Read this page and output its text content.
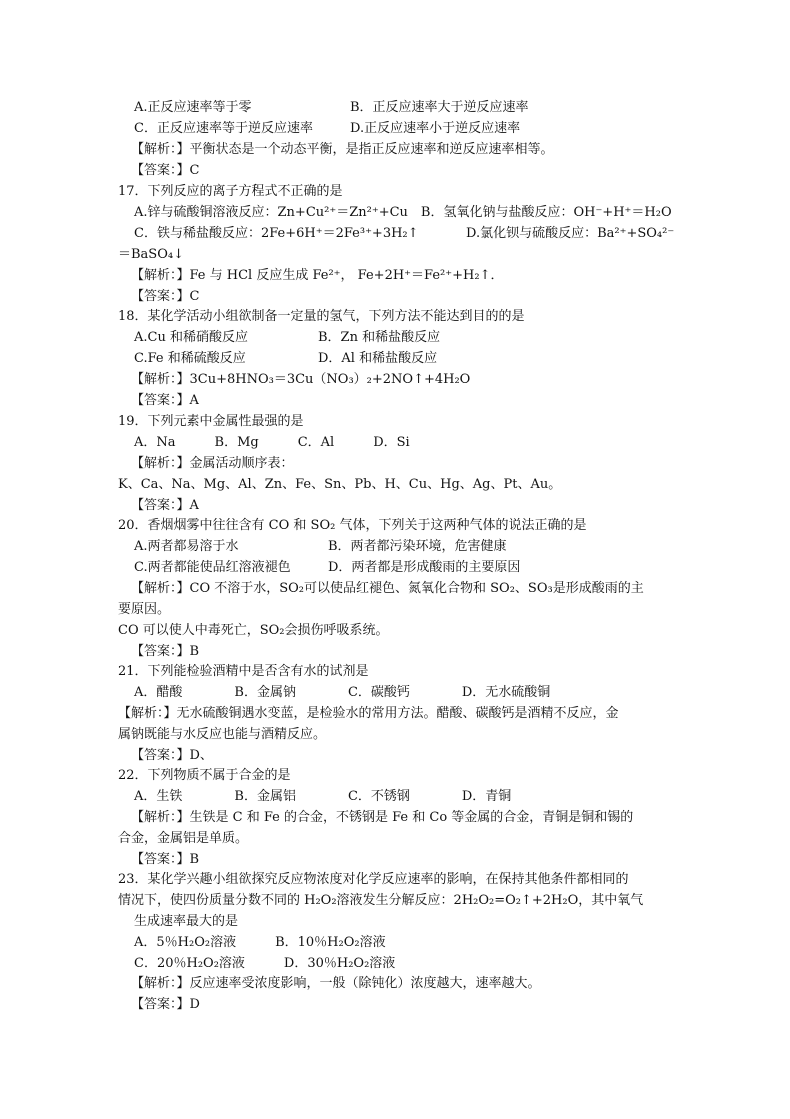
A.正反应速率等于零	B．正反应速率大于逆反应速率
C．正反应速率等于逆反应速率	D.正反应速率小于逆反应速率
【解析：】平衡状态是一个动态平衡，是指正反应速率和逆反应速率相等。
【答案：】C
17．下列反应的离子方程式不正确的是
A.锌与硫酸铜溶液反应：Zn+Cu²⁺＝Zn²⁺+Cu　B．氢氧化钠与盐酸反应：OH⁻+H⁺＝H₂O
C．铁与稀盐酸反应：2Fe+6H⁺＝2Fe³⁺+3H₂↑	D.氯化钡与硫酸反应：Ba²⁺+SO₄²⁻
＝BaSO₄↓
【解析：】Fe 与 HCl 反应生成 Fe²⁺， Fe+2H⁺＝Fe²⁺+H₂↑．
【答案：】C
18．某化学活动小组欲制备一定量的氢气，下列方法不能达到目的的是
A.Cu 和稀硝酸反应	B．Zn 和稀盐酸反应
C.Fe 和稀硫酸反应	D．Al 和稀盐酸反应
【解析：】3Cu+8HNO₃＝3Cu（NO₃）₂+2NO↑+4H₂O
【答案：】A
19．下列元素中金属性最强的是
A．Na　　　B．Mg　　　C．Al　　　D．Si
【解析：】金属活动顺序表：
K、Ca、Na、Mg、Al、Zn、Fe、Sn、Pb、H、Cu、Hg、Ag、Pt、Au。
【答案：】A
20．香烟烟雾中往往含有 CO 和 SO₂ 气体，下列关于这两种气体的说法正确的是
A.两者都易溶于水	B．两者都污染环境，危害健康
C.两者都能使品红溶液褪色	D．两者都是形成酸雨的主要原因
【解析：】CO 不溶于水，SO₂可以使品红褪色、氮氧化合物和 SO₂、SO₃是形成酸雨的主
要原因。
CO 可以使人中毒死亡，SO₂会损伤呼吸系统。
【答案：】B
21．下列能检验酒精中是否含有水的试剂是
A．醋酸　　　　B．金属钠　　　　C．碳酸钙　　　　D．无水硫酸铜
【解析：】无水硫酸铜遇水变蓝，是检验水的常用方法。醋酸、碳酸钙是酒精不反应，金
属钠既能与水反应也能与酒精反应。
【答案：】D、
22．下列物质不属于合金的是
A．生铁　　　　B．金属铝　　　　C．不锈钢　　　　D．青铜
【解析：】生铁是 C 和 Fe 的合金，不锈钢是 Fe 和 Co 等金属的合金，青铜是铜和锡的
合金，金属铝是单质。
【答案：】B
23．某化学兴趣小组欲探究反应物浓度对化学反应速率的影响，在保持其他条件都相同的
情况下，使四份质量分数不同的 H₂O₂溶液发生分解反应：2H₂O₂=O₂↑+2H₂O，其中氧气
生成速率最大的是
A．5％H₂O₂溶液　　　B．10％H₂O₂溶液
C．20％H₂O₂溶液　　　D．30％H₂O₂溶液
【解析：】反应速率受浓度影响，一般（除钝化）浓度越大，速率越大。
【答案：】D
